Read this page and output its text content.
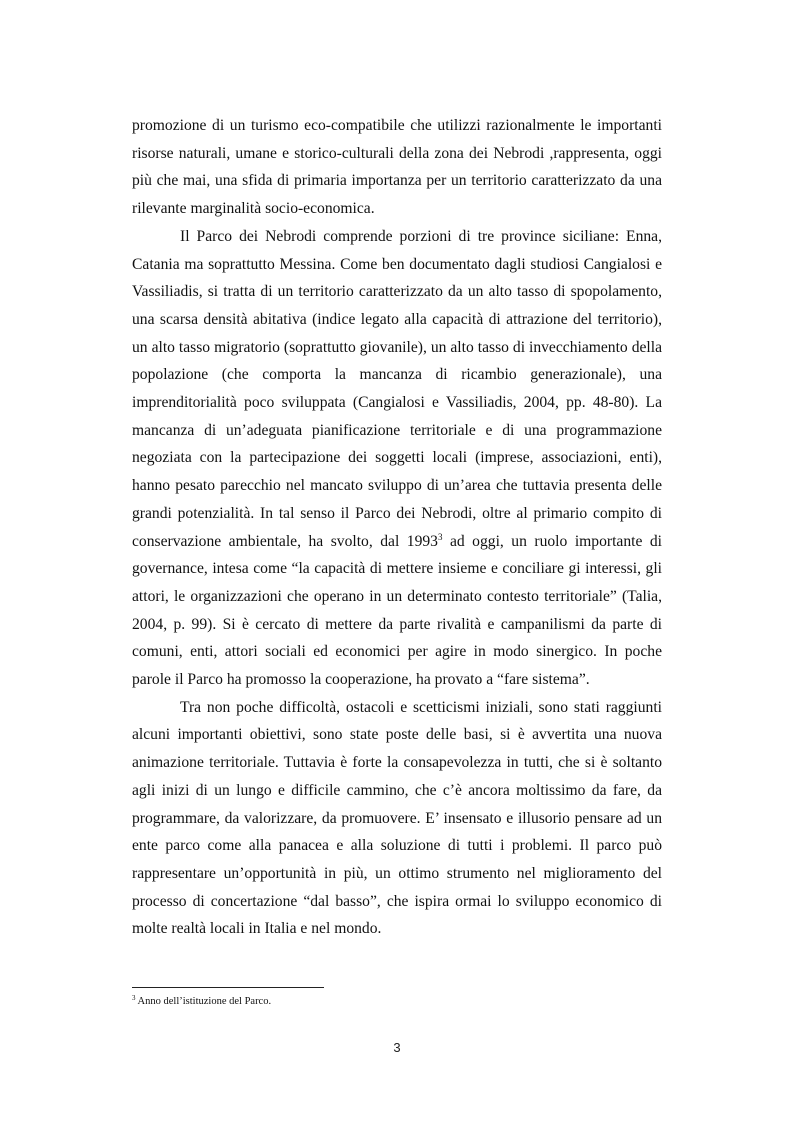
promozione di un turismo eco-compatibile che utilizzi razionalmente le importanti risorse naturali, umane e storico-culturali della zona dei Nebrodi ,rappresenta, oggi più che mai, una sfida di primaria importanza per un territorio caratterizzato da una rilevante marginalità socio-economica.

Il Parco dei Nebrodi comprende porzioni di tre province siciliane: Enna, Catania ma soprattutto Messina. Come ben documentato dagli studiosi Cangialosi e Vassiliadis, si tratta di un territorio caratterizzato da un alto tasso di spopolamento, una scarsa densità abitativa (indice legato alla capacità di attrazione del territorio), un alto tasso migratorio (soprattutto giovanile), un alto tasso di invecchiamento della popolazione (che comporta la mancanza di ricambio generazionale), una imprenditorialità poco sviluppata (Cangialosi e Vassiliadis, 2004, pp. 48-80). La mancanza di un’adeguata pianificazione territoriale e di una programmazione negoziata con la partecipazione dei soggetti locali (imprese, associazioni, enti), hanno pesato parecchio nel mancato sviluppo di un’area che tuttavia presenta delle grandi potenzialità. In tal senso il Parco dei Nebrodi, oltre al primario compito di conservazione ambientale, ha svolto, dal 1993$^3$ ad oggi, un ruolo importante di governance, intesa come “la capacità di mettere insieme e conciliare gi interessi, gli attori, le organizzazioni che operano in un determinato contesto territoriale” (Talia, 2004, p. 99). Si è cercato di mettere da parte rivalità e campanilismi da parte di comuni, enti, attori sociali ed economici per agire in modo sinergico. In poche parole il Parco ha promosso la cooperazione, ha provato a “fare sistema”.

Tra non poche difficoltà, ostacoli e scetticismi iniziali, sono stati raggiunti alcuni importanti obiettivi, sono state poste delle basi, si è avvertita una nuova animazione territoriale. Tuttavia è forte la consapevolezza in tutti, che si è soltanto agli inizi di un lungo e difficile cammino, che c’è ancora moltissimo da fare, da programmare, da valorizzare, da promuovere. E’ insensato e illusorio pensare ad un ente parco come alla panacea e alla soluzione di tutti i problemi. Il parco può rappresentare un’opportunità in più, un ottimo strumento nel miglioramento del processo di concertazione “dal basso”, che ispira ormai lo sviluppo economico di molte realtà locali in Italia e nel mondo.

$^3$ Anno dell’istituzione del Parco.
3
